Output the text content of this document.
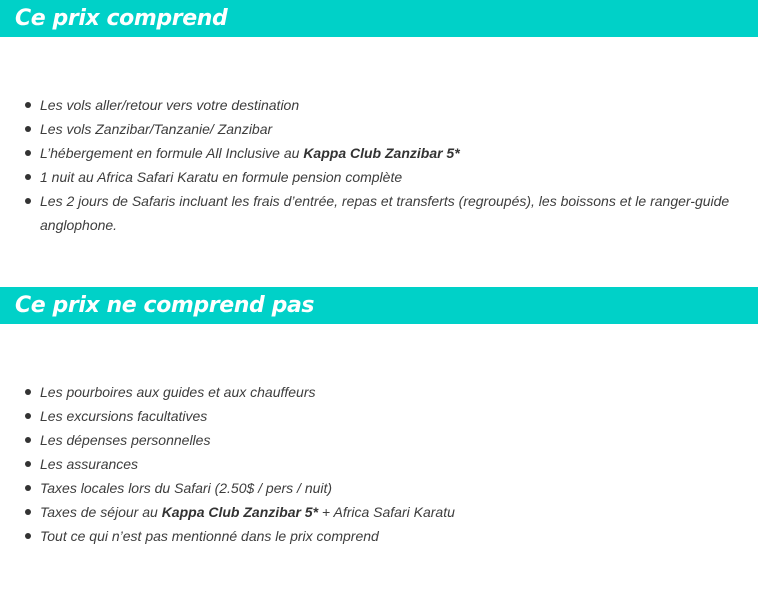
Ce prix comprend
Les vols aller/retour vers votre destination
Les vols Zanzibar/Tanzanie/ Zanzibar
L’hébergement en formule All Inclusive au Kappa Club Zanzibar 5*
1 nuit au Africa Safari Karatu en formule pension complète
Les 2 jours de Safaris incluant les frais d’entrée, repas et transferts (regroupés), les boissons et le ranger-guide anglophone.
Ce prix ne comprend pas
Les pourboires aux guides et aux chauffeurs
Les excursions facultatives
Les dépenses personnelles
Les assurances
Taxes locales lors du Safari (2.50$ / pers / nuit)
Taxes de séjour au Kappa Club Zanzibar 5* + Africa Safari Karatu
Tout ce qui n’est pas mentionné dans le prix comprend
